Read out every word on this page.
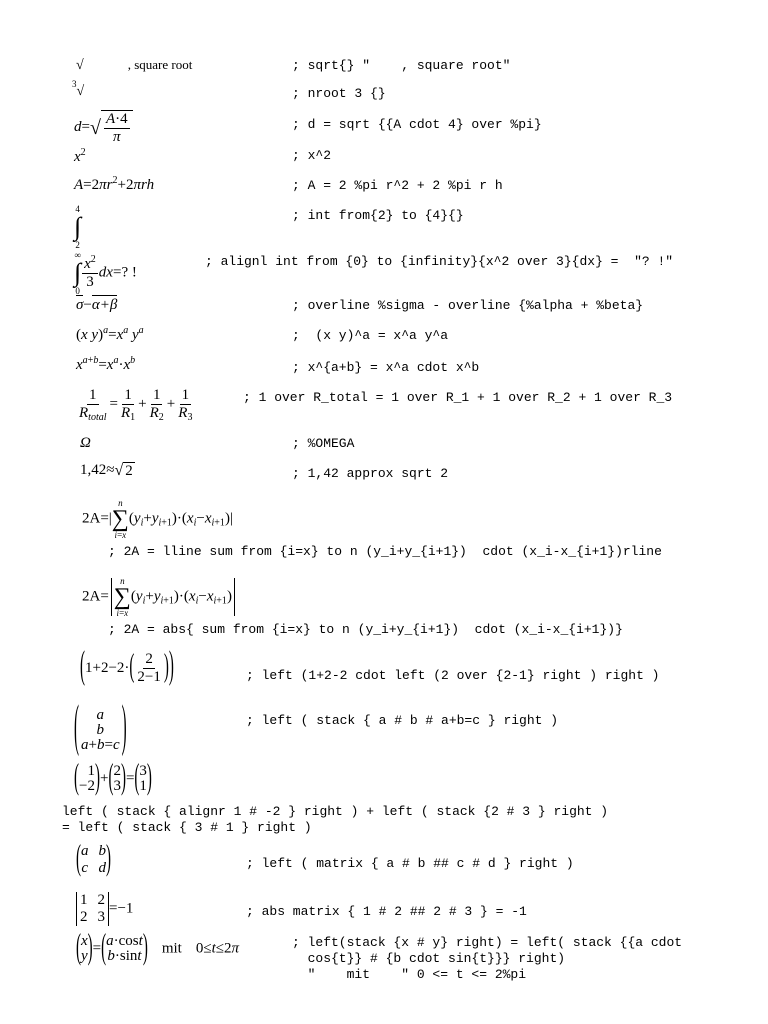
√	, square root
$^3$√
d= √ $\frac{A\cdot 4}{\pi}$
$x^2$
$A=2\pi r^2+2\pi rh$
4
∫
2
∞
∫
0
$\frac{x^2}{3} dx=$? !
σ−α+β
(x $y)^a=x^a$ $y^a$
$x^{a+b}=x^a\cdot x^b$
1
$R_{total}$
= $\frac{1}{R_1} + \frac{1}{R_2} + \frac{1}{R_3}$
Ω
1,42≈ √ 2
2A=|
n
∑
i=x
$(y_i+y_{i+1})\cdot(x_i-x_{i+1})|$
2A=
n
∑
i=x
$(y_i+y_{i+1})\cdot(x_i-x_{i+1})$
( 1+2−2· ( 2
2−1 ) )
( a
b
a+b=c )
( 1
−2 ) + ( 2
3 ) = ( 3
1 )
( a b
c d )
1 2
2 3
=−1
( x
y ) = ( a·cost
b·sint ) mit 0≤t≤2π
; sqrt{} "    , square root"
; nroot 3 {}
; d = sqrt {{A cdot 4} over %pi}
; x^2
; A = 2 %pi r^2 + 2 %pi r h
; int from{2} to {4}{}
; alignl int from {0} to {infinity}{x^2 over 3}{dx} =  "? !"
; overline %sigma - overline {%alpha + %beta}
;  (x y)^a = x^a y^a
; x^{a+b} = x^a cdot x^b
; 1 over R_total = 1 over R_1 + 1 over R_2 + 1 over R_3
; %OMEGA
; 1,42 approx sqrt 2
; 2A = lline sum from {i=x} to n (y_i+y_{i+1})  cdot (x_i-x_{i+1})rline
; 2A = abs{ sum from {i=x} to n (y_i+y_{i+1})  cdot (x_i-x_{i+1})}
; left (1+2-2 cdot left (2 over {2-1} right ) right )
; left ( stack { a # b # a+b=c } right )
left ( stack { alignr 1 # -2 } right ) + left ( stack {2 # 3 } right )
= left ( stack { 3 # 1 } right )
; left ( matrix { a # b ## c # d } right )
; abs matrix { 1 # 2 ## 2 # 3 } = -1
; left(stack {x # y} right) = left( stack {{a cdot
cos{t}} # {b cdot sin{t}}} right)
"    mit    " 0 <= t <= 2%pi
